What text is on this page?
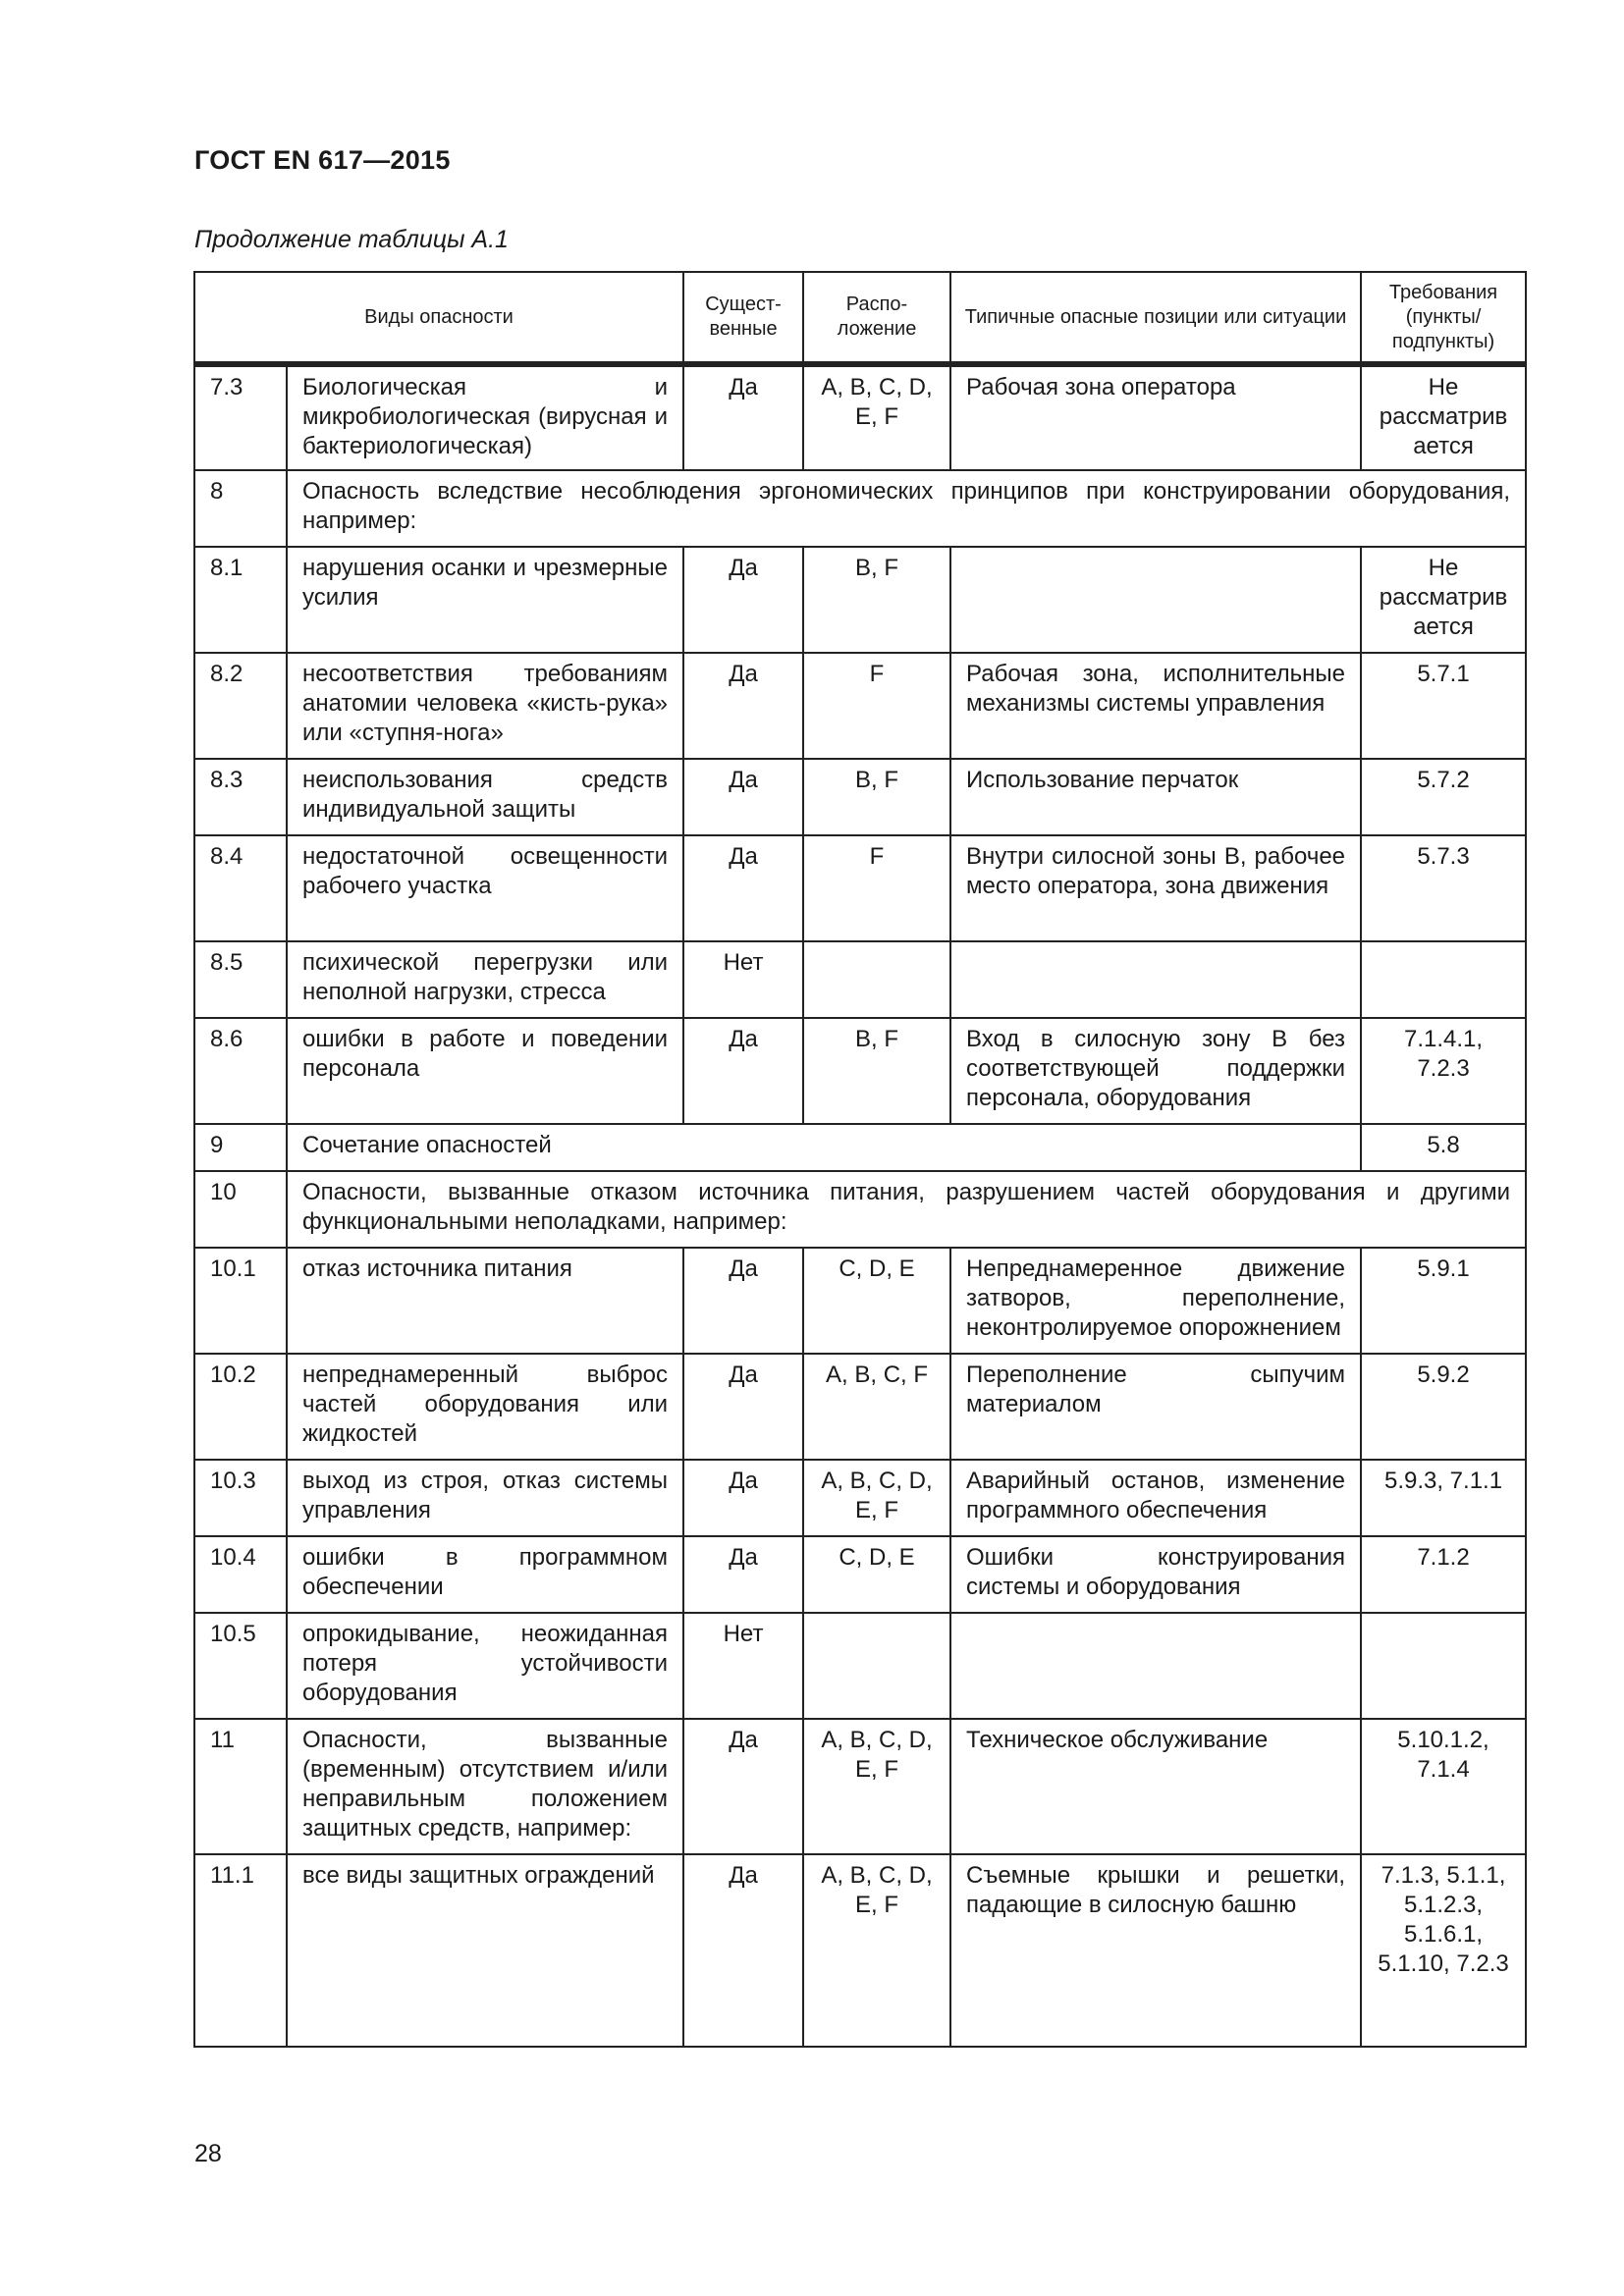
ГОСТ EN 617—2015
Продолжение таблицы А.1
Виды опасности		Сущест-венные	Распо-ложение	Типичные опасные позиции или ситуации	Требования (пункты/ подпункты)
7.3	Биологическая и микробиологическая (вирусная и бактериологическая)	Да	А, B, C, D, E, F	Рабочая зона оператора	Не рассматривается
8	Опасность вследствие несоблюдения эргономических принципов при конструировании оборудования, например:				
8.1	нарушения осанки и чрезмерные усилия	Да	B, F		Не рассматривается
8.2	несоответствия требованиям анатомии человека «кисть-рука» или «ступня-нога»	Да	F	Рабочая зона, исполнительные механизмы системы управления	5.7.1
8.3	неиспользования средств индивидуальной защиты	Да	B, F	Использование перчаток	5.7.2
8.4	недостаточной освещенности рабочего участка	Да	F	Внутри силосной зоны В, рабочее место оператора, зона движения	5.7.3
8.5	психической перегрузки или неполной нагрузки, стресса	Нет			
8.6	ошибки в работе и поведении персонала	Да	B, F	Вход в силосную зону В без соответствующей поддержки персонала, оборудования	7.1.4.1, 7.2.3
9	Сочетание опасностей				5.8
10	Опасности, вызванные отказом источника питания, разрушением частей оборудования и другими функциональными неполадками, например:				
10.1	отказ источника питания	Да	C, D, E	Непреднамеренное движение затворов, переполнение, неконтролируемое опорожнением	5.9.1
10.2	непреднамеренный выброс частей оборудования или жидкостей	Да	А, B, C, F	Переполнение сыпучим материалом	5.9.2
10.3	выход из строя, отказ системы управления	Да	А, B, C, D, E, F	Аварийный останов, изменение программного обеспечения	5.9.3, 7.1.1
10.4	ошибки в программном обеспечении	Да	C, D, E	Ошибки конструирования системы и оборудования	7.1.2
10.5	опрокидывание, неожиданная потеря устойчивости оборудования	Нет			
11	Опасности, вызванные (временным) отсутствием и/или неправильным положением защитных средств, например:	Да	А, B, C, D, E, F	Техническое обслуживание	5.10.1.2, 7.1.4
11.1	все виды защитных ограждений	Да	А, B, C, D, E, F	Съемные крышки и решетки, падающие в силосную башню	7.1.3, 5.1.1, 5.1.2.3, 5.1.6.1, 5.1.10, 7.2.3
28
